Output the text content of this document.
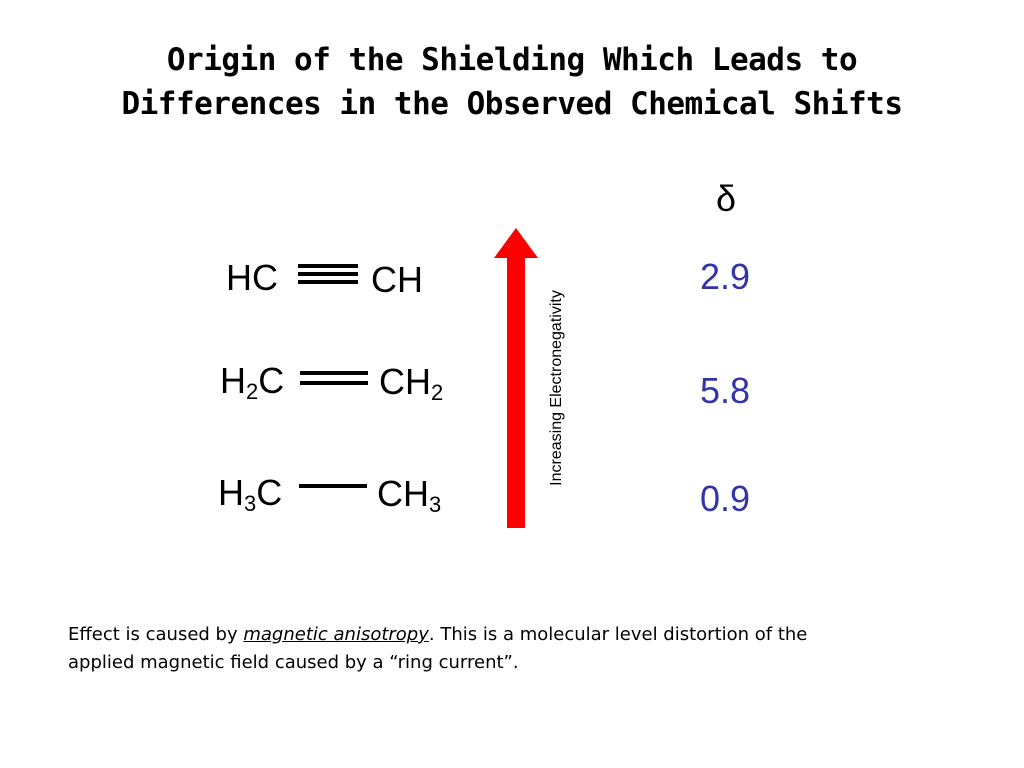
Origin of the Shielding Which Leads to
Differences in the Observed Chemical Shifts
δ
HC	CH	2.9
$H_2C$	$CH_2$	5.8
$H_3C$	$CH_3$	0.9
Increasing Electronegativity
Effect is caused by magnetic anisotropy. This is a molecular level distortion of the
applied magnetic field caused by a “ring current”.
